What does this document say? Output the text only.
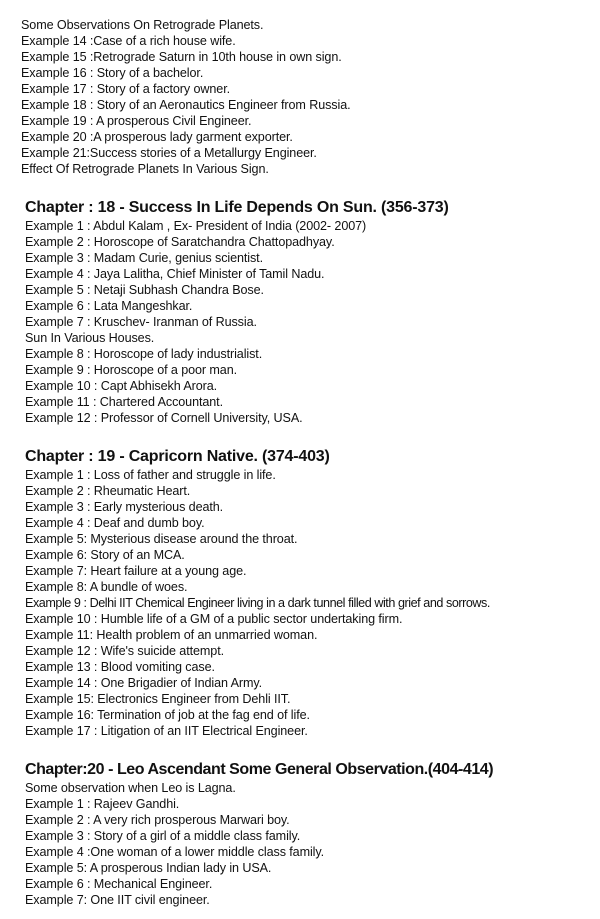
Some Observations On Retrograde Planets.
Example 14 :Case of a rich house wife.
Example 15 :Retrograde Saturn in 10th house in own sign.
Example 16 : Story of a bachelor.
Example 17 : Story of a factory owner.
Example 18 : Story of an Aeronautics Engineer from Russia.
Example 19 : A prosperous Civil Engineer.
Example 20 :A prosperous lady garment exporter.
Example 21:Success stories of a Metallurgy Engineer.
Effect Of Retrograde Planets In Various Sign.
Chapter : 18 - Success In Life Depends On Sun. (356-373)
Example 1 : Abdul Kalam , Ex- President of India (2002- 2007)
Example 2 : Horoscope of Saratchandra Chattopadhyay.
Example 3 : Madam Curie, genius scientist.
Example 4 : Jaya Lalitha, Chief Minister of Tamil Nadu.
Example 5 : Netaji Subhash Chandra Bose.
Example 6 : Lata Mangeshkar.
Example 7 : Kruschev- Iranman of Russia.
Sun In Various Houses.
Example 8 : Horoscope of lady industrialist.
Example 9 : Horoscope of a poor man.
Example 10 : Capt Abhisekh Arora.
Example 11 : Chartered Accountant.
Example 12 : Professor of Cornell University, USA.
Chapter : 19 - Capricorn Native. (374-403)
Example 1 : Loss of father and struggle in life.
Example 2 : Rheumatic Heart.
Example 3 : Early mysterious death.
Example 4 : Deaf and dumb boy.
Example 5: Mysterious disease around the throat.
Example 6: Story of an MCA.
Example 7: Heart failure at a young age.
Example 8: A bundle of woes.
Example 9 : Delhi IIT Chemical Engineer living in a dark tunnel filled with grief and sorrows.
Example 10 : Humble life of a GM of a public sector undertaking firm.
Example 11: Health problem of an unmarried woman.
Example 12 : Wife's suicide attempt.
Example 13 : Blood vomiting case.
Example 14 : One Brigadier of Indian Army.
Example 15: Electronics Engineer from Dehli IIT.
Example 16: Termination of job at the fag end of life.
Example 17 : Litigation of an IIT Electrical Engineer.
Chapter:20 - Leo Ascendant Some General Observation.(404-414)
Some observation when Leo is Lagna.
Example 1 : Rajeev Gandhi.
Example 2 : A very rich prosperous Marwari boy.
Example 3 : Story of a girl of a middle class family.
Example 4 :One woman of a lower middle class family.
Example 5: A prosperous Indian lady in USA.
Example 6 : Mechanical Engineer.
Example 7: One IIT civil engineer.
